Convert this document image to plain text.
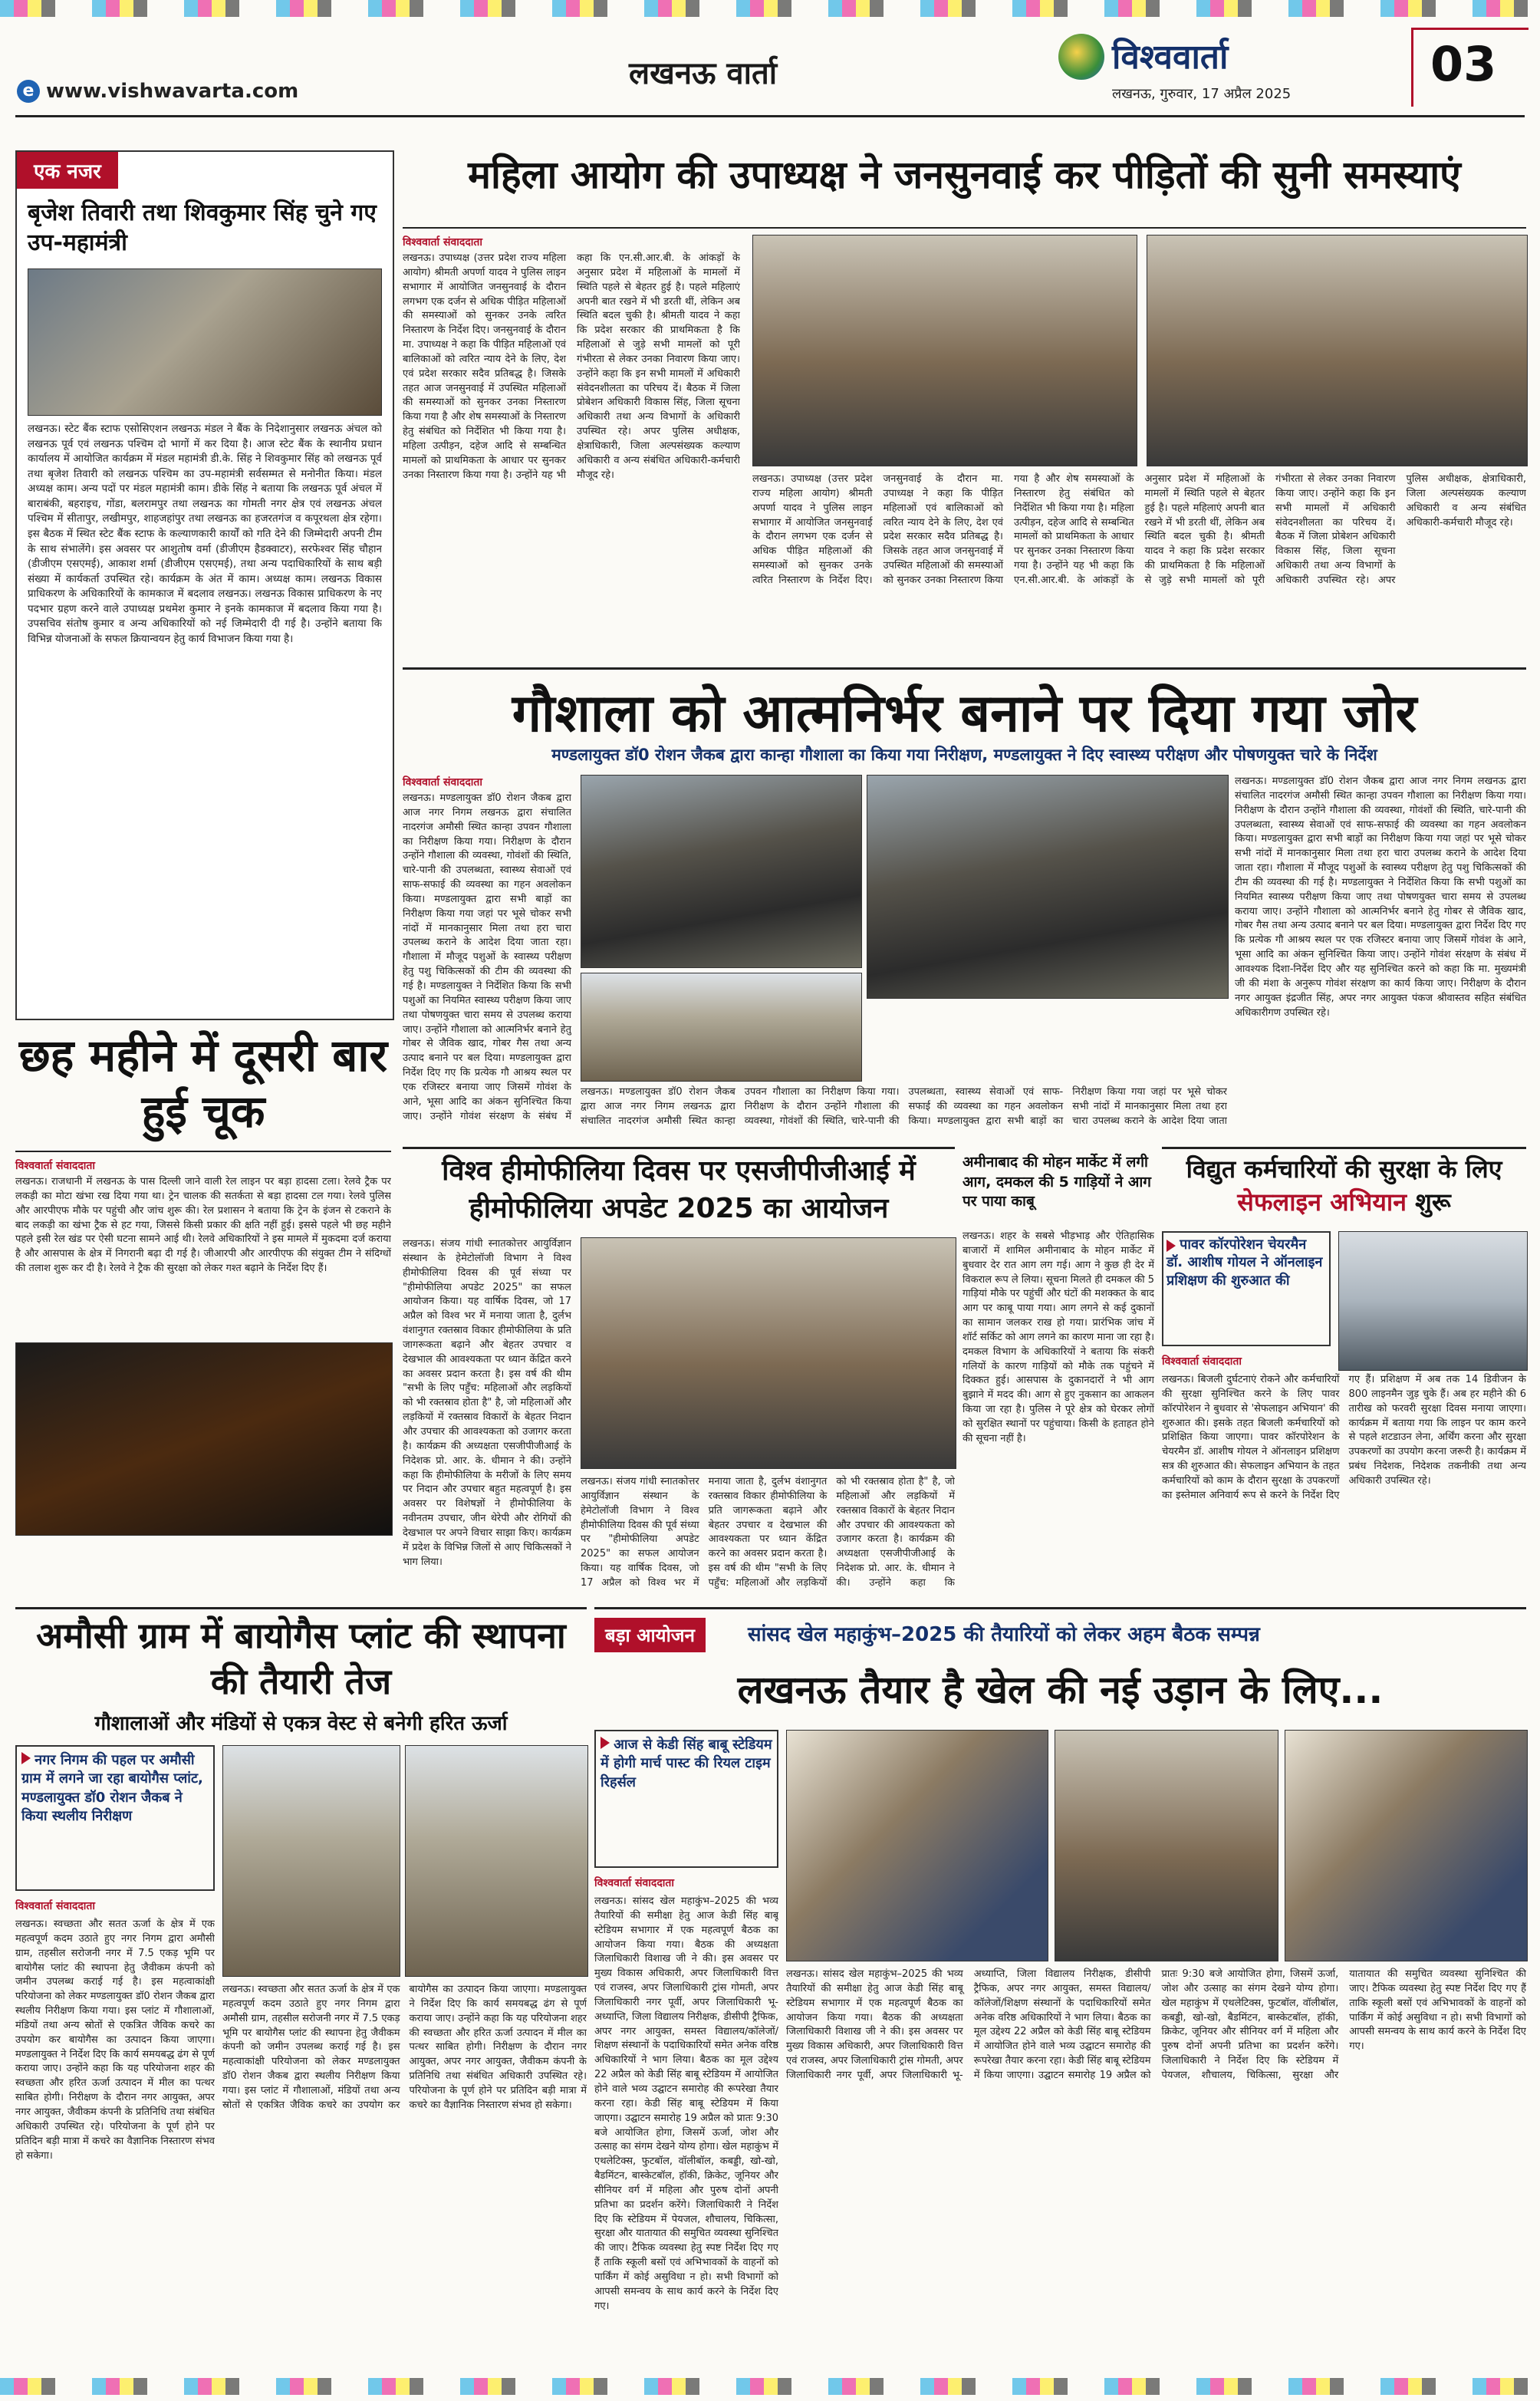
e www.vishwavarta.com	लखनऊ वार्ता	विश्ववार्ता
लखनऊ, गुरुवार, 17 अप्रैल 2025
03
एक नजर
बृजेश तिवारी तथा शिवकुमार सिंह चुने गए उप-महामंत्री
लखनऊ। स्टेट बैंक स्टाफ एसोसिएशन लखनऊ मंडल ने बैंक के निदेशानुसार लखनऊ अंचल को लखनऊ पूर्व एवं लखनऊ पश्चिम दो भागों में कर दिया है। आज स्टेट बैंक के स्थानीय प्रधान कार्यालय में आयोजित कार्यक्रम में मंडल महामंत्री डी.के. सिंह ने शिवकुमार सिंह को लखनऊ पूर्व तथा बृजेश तिवारी को लखनऊ पश्चिम का उप-महामंत्री सर्वसम्मत से मनोनीत किया। मंडल अध्यक्ष काम। अन्य पदों पर मंडल महामंत्री काम। डीके सिंह ने बताया कि लखनऊ पूर्व अंचल में बाराबंकी, बहराइच, गोंडा, बलरामपुर तथा लखनऊ का गोमती नगर क्षेत्र एवं लखनऊ अंचल पश्चिम में सीतापुर, लखीमपुर, शाहजहांपुर तथा लखनऊ का हजरतगंज व कपूरथला क्षेत्र रहेगा। इस बैठक में स्थित स्टेट बैंक स्टाफ के कल्याणकारी कार्यों को गति देने की जिम्मेदारी अपनी टीम के साथ संभालेंगे। इस अवसर पर आशुतोष वर्मा (डीजीएम हैडक्वाटर), सरफेश्वर सिंह चौहान (डीजीएम एसएमई), आकाश शर्मा (डीजीएम एसएमई), तथा अन्य पदाधिकारियों के साथ बड़ी संख्या में कार्यकर्ता उपस्थित रहे। कार्यक्रम के अंत में काम। अध्यक्ष काम। लखनऊ विकास प्राधिकरण के अधिकारियों के कामकाज में बदलाव लखनऊ। लखनऊ विकास प्राधिकरण के नए पदभार ग्रहण करने वाले उपाध्यक्ष प्रथमेश कुमार ने इनके कामकाज में बदलाव किया गया है। उपसचिव संतोष कुमार व अन्य अधिकारियों को नई जिम्मेदारी दी गई है। उन्होंने बताया कि विभिन्न योजनाओं के सफल क्रियान्वयन हेतु कार्य विभाजन किया गया है।
छह महीने में दूसरी बार हुई चूक
विश्ववार्ता संवाददाता
लखनऊ। राजधानी में लखनऊ के पास दिल्ली जाने वाली रेल लाइन पर बड़ा हादसा टला। रेलवे ट्रैक पर लकड़ी का मोटा खंभा रख दिया गया था। ट्रेन चालक की सतर्कता से बड़ा हादसा टल गया। रेलवे पुलिस और आरपीएफ मौके पर पहुंची और जांच शुरू की। रेल प्रशासन ने बताया कि ट्रेन के इंजन से टकराने के बाद लकड़ी का खंभा ट्रैक से हट गया, जिससे किसी प्रकार की क्षति नहीं हुई। इससे पहले भी छह महीने पहले इसी रेल खंड पर ऐसी घटना सामने आई थी। रेलवे अधिकारियों ने इस मामले में मुकदमा दर्ज कराया है और आसपास के क्षेत्र में निगरानी बढ़ा दी गई है। जीआरपी और आरपीएफ की संयुक्त टीम ने संदिग्धों की तलाश शुरू कर दी है। रेलवे ने ट्रैक की सुरक्षा को लेकर गश्त बढ़ाने के निर्देश दिए हैं।
महिला आयोग की उपाध्यक्ष ने जनसुनवाई कर पीड़ितों की सुनी समस्याएं
विश्ववार्ता संवाददाता
लखनऊ। उपाध्यक्ष (उत्तर प्रदेश राज्य महिला आयोग) श्रीमती अपर्णा यादव ने पुलिस लाइन सभागार में आयोजित जनसुनवाई के दौरान लगभग एक दर्जन से अधिक पीड़ित महिलाओं की समस्याओं को सुनकर उनके त्वरित निस्तारण के निर्देश दिए। जनसुनवाई के दौरान मा. उपाध्यक्ष ने कहा कि पीड़ित महिलाओं एवं बालिकाओं को त्वरित न्याय देने के लिए, देश एवं प्रदेश सरकार सदैव प्रतिबद्ध है। जिसके तहत आज जनसुनवाई में उपस्थित महिलाओं की समस्याओं को सुनकर उनका निस्तारण किया गया है और शेष समस्याओं के निस्तारण हेतु संबंधित को निर्देशित भी किया गया है। महिला उत्पीड़न, दहेज आदि से सम्बन्धित मामलों को प्राथमिकता के आधार पर सुनकर उनका निस्तारण किया गया है। उन्होंने यह भी कहा कि एन.सी.आर.बी. के आंकड़ों के अनुसार प्रदेश में महिलाओं के मामलों में स्थिति पहले से बेहतर हुई है। पहले महिलाएं अपनी बात रखने में भी डरती थीं, लेकिन अब स्थिति बदल चुकी है। श्रीमती यादव ने कहा कि प्रदेश सरकार की प्राथमिकता है कि महिलाओं से जुड़े सभी मामलों को पूरी गंभीरता से लेकर उनका निवारण किया जाए। उन्होंने कहा कि इन सभी मामलों में अधिकारी संवेदनशीलता का परिचय दें। बैठक में जिला प्रोबेशन अधिकारी विकास सिंह, जिला सूचना अधिकारी तथा अन्य विभागों के अधिकारी उपस्थित रहे। अपर पुलिस अधीक्षक, क्षेत्राधिकारी, जिला अल्पसंख्यक कल्याण अधिकारी व अन्य संबंधित अधिकारी-कर्मचारी मौजूद रहे।	लखनऊ। उपाध्यक्ष (उत्तर प्रदेश राज्य महिला आयोग) श्रीमती अपर्णा यादव ने पुलिस लाइन सभागार में आयोजित जनसुनवाई के दौरान लगभग एक दर्जन से अधिक पीड़ित महिलाओं की समस्याओं को सुनकर उनके त्वरित निस्तारण के निर्देश दिए। जनसुनवाई के दौरान मा. उपाध्यक्ष ने कहा कि पीड़ित महिलाओं एवं बालिकाओं को त्वरित न्याय देने के लिए, देश एवं प्रदेश सरकार सदैव प्रतिबद्ध है। जिसके तहत आज जनसुनवाई में उपस्थित महिलाओं की समस्याओं को सुनकर उनका निस्तारण किया गया है और शेष समस्याओं के निस्तारण हेतु संबंधित को निर्देशित भी किया गया है। महिला उत्पीड़न, दहेज आदि से सम्बन्धित मामलों को प्राथमिकता के आधार पर सुनकर उनका निस्तारण किया गया है। उन्होंने यह भी कहा कि एन.सी.आर.बी. के आंकड़ों के अनुसार प्रदेश में महिलाओं के मामलों में स्थिति पहले से बेहतर हुई है। पहले महिलाएं अपनी बात रखने में भी डरती थीं, लेकिन अब स्थिति बदल चुकी है। श्रीमती यादव ने कहा कि प्रदेश सरकार की प्राथमिकता है कि महिलाओं से जुड़े सभी मामलों को पूरी गंभीरता से लेकर उनका निवारण किया जाए। उन्होंने कहा कि इन सभी मामलों में अधिकारी संवेदनशीलता का परिचय दें। बैठक में जिला प्रोबेशन अधिकारी विकास सिंह, जिला सूचना अधिकारी तथा अन्य विभागों के अधिकारी उपस्थित रहे। अपर पुलिस अधीक्षक, क्षेत्राधिकारी, जिला अल्पसंख्यक कल्याण अधिकारी व अन्य संबंधित अधिकारी-कर्मचारी मौजूद रहे।
गौशाला को आत्मनिर्भर बनाने पर दिया गया जोर
मण्डलायुक्त डॉ0 रोशन जैकब द्वारा कान्हा गौशाला का किया गया निरीक्षण, मण्डलायुक्त ने दिए स्वास्थ्य परीक्षण और पोषणयुक्त चारे के निर्देश
विश्ववार्ता संवाददाता
लखनऊ। मण्डलायुक्त डॉ0 रोशन जैकब द्वारा आज नगर निगम लखनऊ द्वारा संचालित नादरगंज अमौसी स्थित कान्हा उपवन गौशाला का निरीक्षण किया गया। निरीक्षण के दौरान उन्होंने गौशाला की व्यवस्था, गोवंशों की स्थिति, चारे-पानी की उपलब्धता, स्वास्थ्य सेवाओं एवं साफ-सफाई की व्यवस्था का गहन अवलोकन किया। मण्डलायुक्त द्वारा सभी बाड़ों का निरीक्षण किया गया जहां पर भूसे चोकर सभी नांदों में मानकानुसार मिला तथा हरा चारा उपलब्ध कराने के आदेश दिया जाता रहा। गौशाला में मौजूद पशुओं के स्वास्थ्य परीक्षण हेतु पशु चिकित्सकों की टीम की व्यवस्था की गई है। मण्डलायुक्त ने निर्देशित किया कि सभी पशुओं का नियमित स्वास्थ्य परीक्षण किया जाए तथा पोषणयुक्त चारा समय से उपलब्ध कराया जाए। उन्होंने गौशाला को आत्मनिर्भर बनाने हेतु गोबर से जैविक खाद, गोबर गैस तथा अन्य उत्पाद बनाने पर बल दिया। मण्डलायुक्त द्वारा निर्देश दिए गए कि प्रत्येक गौ आश्रय स्थल पर एक रजिस्टर बनाया जाए जिसमें गोवंश के आने, भूसा आदि का अंकन सुनिश्चित किया जाए। उन्होंने गोवंश संरक्षण के संबंध में
लखनऊ। मण्डलायुक्त डॉ0 रोशन जैकब द्वारा आज नगर निगम लखनऊ द्वारा संचालित नादरगंज अमौसी स्थित कान्हा उपवन गौशाला का निरीक्षण किया गया। निरीक्षण के दौरान उन्होंने गौशाला की व्यवस्था, गोवंशों की स्थिति, चारे-पानी की उपलब्धता, स्वास्थ्य सेवाओं एवं साफ-सफाई की व्यवस्था का गहन अवलोकन किया। मण्डलायुक्त द्वारा सभी बाड़ों का निरीक्षण किया गया जहां पर भूसे चोकर सभी नांदों में मानकानुसार मिला तथा हरा चारा उपलब्ध कराने के आदेश दिया जाता
लखनऊ। मण्डलायुक्त डॉ0 रोशन जैकब द्वारा आज नगर निगम लखनऊ द्वारा संचालित नादरगंज अमौसी स्थित कान्हा उपवन गौशाला का निरीक्षण किया गया। निरीक्षण के दौरान उन्होंने गौशाला की व्यवस्था, गोवंशों की स्थिति, चारे-पानी की उपलब्धता, स्वास्थ्य सेवाओं एवं साफ-सफाई की व्यवस्था का गहन अवलोकन किया। मण्डलायुक्त द्वारा सभी बाड़ों का निरीक्षण किया गया जहां पर भूसे चोकर सभी नांदों में मानकानुसार मिला तथा हरा चारा उपलब्ध कराने के आदेश दिया जाता रहा। गौशाला में मौजूद पशुओं के स्वास्थ्य परीक्षण हेतु पशु चिकित्सकों की टीम की व्यवस्था की गई है। मण्डलायुक्त ने निर्देशित किया कि सभी पशुओं का नियमित स्वास्थ्य परीक्षण किया जाए तथा पोषणयुक्त चारा समय से उपलब्ध कराया जाए। उन्होंने गौशाला को आत्मनिर्भर बनाने हेतु गोबर से जैविक खाद, गोबर गैस तथा अन्य उत्पाद बनाने पर बल दिया। मण्डलायुक्त द्वारा निर्देश दिए गए कि प्रत्येक गौ आश्रय स्थल पर एक रजिस्टर बनाया जाए जिसमें गोवंश के आने, भूसा आदि का अंकन सुनिश्चित किया जाए। उन्होंने गोवंश संरक्षण के संबंध में आवश्यक दिशा-निर्देश दिए और यह सुनिश्चित करने को कहा कि मा. मुख्यमंत्री जी की मंशा के अनुरूप गोवंश संरक्षण का कार्य किया जाए। निरीक्षण के दौरान नगर आयुक्त इंद्रजीत सिंह, अपर नगर आयुक्त पंकज श्रीवास्तव सहित संबंधित अधिकारीगण उपस्थित रहे।
विश्व हीमोफीलिया दिवस पर एसजीपीजीआई में हीमोफीलिया अपडेट 2025 का आयोजन
लखनऊ। संजय गांधी स्नातकोत्तर आयुर्विज्ञान संस्थान के हेमेटोलॉजी विभाग ने विश्व हीमोफीलिया दिवस की पूर्व संध्या पर "हीमोफीलिया अपडेट 2025" का सफल आयोजन किया। यह वार्षिक दिवस, जो 17 अप्रैल को विश्व भर में मनाया जाता है, दुर्लभ वंशानुगत रक्तस्राव विकार हीमोफीलिया के प्रति जागरूकता बढ़ाने और बेहतर उपचार व देखभाल की आवश्यकता पर ध्यान केंद्रित करने का अवसर प्रदान करता है। इस वर्ष की थीम "सभी के लिए पहुँच: महिलाओं और लड़कियों को भी रक्तस्राव होता है" है, जो महिलाओं और लड़कियों में रक्तस्राव विकारों के बेहतर निदान और उपचार की आवश्यकता को उजागर करता है। कार्यक्रम की अध्यक्षता एसजीपीजीआई के निदेशक प्रो. आर. के. धीमान ने की। उन्होंने कहा कि हीमोफीलिया के मरीजों के लिए समय पर निदान और उपचार बहुत महत्वपूर्ण है। इस अवसर पर विशेषज्ञों ने हीमोफीलिया के नवीनतम उपचार, जीन थेरेपी और रोगियों की देखभाल पर अपने विचार साझा किए। कार्यक्रम में प्रदेश के विभिन्न जिलों से आए चिकित्सकों ने भाग लिया।
लखनऊ। संजय गांधी स्नातकोत्तर आयुर्विज्ञान संस्थान के हेमेटोलॉजी विभाग ने विश्व हीमोफीलिया दिवस की पूर्व संध्या पर "हीमोफीलिया अपडेट 2025" का सफल आयोजन किया। यह वार्षिक दिवस, जो 17 अप्रैल को विश्व भर में मनाया जाता है, दुर्लभ वंशानुगत रक्तस्राव विकार हीमोफीलिया के प्रति जागरूकता बढ़ाने और बेहतर उपचार व देखभाल की आवश्यकता पर ध्यान केंद्रित करने का अवसर प्रदान करता है। इस वर्ष की थीम "सभी के लिए पहुँच: महिलाओं और लड़कियों को भी रक्तस्राव होता है" है, जो महिलाओं और लड़कियों में रक्तस्राव विकारों के बेहतर निदान और उपचार की आवश्यकता को उजागर करता है। कार्यक्रम की अध्यक्षता एसजीपीजीआई के निदेशक प्रो. आर. के. धीमान ने की। उन्होंने कहा कि
अमीनाबाद की मोहन मार्केट में लगी आग, दमकल की 5 गाड़ियों ने आग पर पाया काबू
लखनऊ। शहर के सबसे भीड़भाड़ और ऐतिहासिक बाजारों में शामिल अमीनाबाद के मोहन मार्केट में बुधवार देर रात आग लग गई। आग ने कुछ ही देर में विकराल रूप ले लिया। सूचना मिलते ही दमकल की 5 गाड़ियां मौके पर पहुंचीं और घंटों की मशक्कत के बाद आग पर काबू पाया गया। आग लगने से कई दुकानों का सामान जलकर राख हो गया। प्रारंभिक जांच में शॉर्ट सर्किट को आग लगने का कारण माना जा रहा है। दमकल विभाग के अधिकारियों ने बताया कि संकरी गलियों के कारण गाड़ियों को मौके तक पहुंचने में दिक्कत हुई। आसपास के दुकानदारों ने भी आग बुझाने में मदद की। आग से हुए नुकसान का आकलन किया जा रहा है। पुलिस ने पूरे क्षेत्र को घेरकर लोगों को सुरक्षित स्थानों पर पहुंचाया। किसी के हताहत होने की सूचना नहीं है।
विद्युत कर्मचारियों की सुरक्षा के लिए सेफलाइन अभियान शुरू
पावर कॉरपोरेशन चेयरमैन डॉ. आशीष गोयल ने ऑनलाइन प्रशिक्षण की शुरुआत की
विश्ववार्ता संवाददाता
लखनऊ। बिजली दुर्घटनाएं रोकने और कर्मचारियों की सुरक्षा सुनिश्चित करने के लिए पावर कॉरपोरेशन ने बुधवार से 'सेफलाइन अभियान' की शुरुआत की। इसके तहत बिजली कर्मचारियों को प्रशिक्षित किया जाएगा। पावर कॉरपोरेशन के चेयरमैन डॉ. आशीष गोयल ने ऑनलाइन प्रशिक्षण सत्र की शुरुआत की। सेफलाइन अभियान के तहत कर्मचारियों को काम के दौरान सुरक्षा के उपकरणों का इस्तेमाल अनिवार्य रूप से करने के निर्देश दिए गए हैं। प्रशिक्षण में अब तक 14 डिवीजन के 800 लाइनमैन जुड़ चुके हैं। अब हर महीने की 6 तारीख को फरवरी सुरक्षा दिवस मनाया जाएगा। कार्यक्रम में बताया गया कि लाइन पर काम करने से पहले शटडाउन लेना, अर्थिंग करना और सुरक्षा उपकरणों का उपयोग करना जरूरी है। कार्यक्रम में प्रबंध निदेशक, निदेशक तकनीकी तथा अन्य अधिकारी उपस्थित रहे।
अमौसी ग्राम में बायोगैस प्लांट की स्थापना की तैयारी तेज
गौशालाओं और मंडियों से एकत्र वेस्ट से बनेगी हरित ऊर्जा
नगर निगम की पहल पर अमौसी ग्राम में लगने जा रहा बायोगैस प्लांट, मण्डलायुक्त डॉ0 रोशन जैकब ने किया स्थलीय निरीक्षण
विश्ववार्ता संवाददाता
लखनऊ। स्वच्छता और सतत ऊर्जा के क्षेत्र में एक महत्वपूर्ण कदम उठाते हुए नगर निगम द्वारा अमौसी ग्राम, तहसील सरोजनी नगर में 7.5 एकड़ भूमि पर बायोगैस प्लांट की स्थापना हेतु जैवीकम कंपनी को जमीन उपलब्ध कराई गई है। इस महत्वाकांक्षी परियोजना को लेकर मण्डलायुक्त डॉ0 रोशन जैकब द्वारा स्थलीय निरीक्षण किया गया। इस प्लांट में गौशालाओं, मंडियों तथा अन्य स्रोतों से एकत्रित जैविक कचरे का उपयोग कर बायोगैस का उत्पादन किया जाएगा। मण्डलायुक्त ने निर्देश दिए कि कार्य समयबद्ध ढंग से पूर्ण कराया जाए। उन्होंने कहा कि यह परियोजना शहर की स्वच्छता और हरित ऊर्जा उत्पादन में मील का पत्थर साबित होगी। निरीक्षण के दौरान नगर आयुक्त, अपर नगर आयुक्त, जैवीकम कंपनी के प्रतिनिधि तथा संबंधित अधिकारी उपस्थित रहे। परियोजना के पूर्ण होने पर प्रतिदिन बड़ी मात्रा में कचरे का वैज्ञानिक निस्तारण संभव हो सकेगा।
लखनऊ। स्वच्छता और सतत ऊर्जा के क्षेत्र में एक महत्वपूर्ण कदम उठाते हुए नगर निगम द्वारा अमौसी ग्राम, तहसील सरोजनी नगर में 7.5 एकड़ भूमि पर बायोगैस प्लांट की स्थापना हेतु जैवीकम कंपनी को जमीन उपलब्ध कराई गई है। इस महत्वाकांक्षी परियोजना को लेकर मण्डलायुक्त डॉ0 रोशन जैकब द्वारा स्थलीय निरीक्षण किया गया। इस प्लांट में गौशालाओं, मंडियों तथा अन्य स्रोतों से एकत्रित जैविक कचरे का उपयोग कर बायोगैस का उत्पादन किया जाएगा। मण्डलायुक्त ने निर्देश दिए कि कार्य समयबद्ध ढंग से पूर्ण कराया जाए। उन्होंने कहा कि यह परियोजना शहर की स्वच्छता और हरित ऊर्जा उत्पादन में मील का पत्थर साबित होगी। निरीक्षण के दौरान नगर आयुक्त, अपर नगर आयुक्त, जैवीकम कंपनी के प्रतिनिधि तथा संबंधित अधिकारी उपस्थित रहे। परियोजना के पूर्ण होने पर प्रतिदिन बड़ी मात्रा में कचरे का वैज्ञानिक निस्तारण संभव हो सकेगा।
बड़ा आयोजन	सांसद खेल महाकुंभ–2025 की तैयारियों को लेकर अहम बैठक सम्पन्न
लखनऊ तैयार है खेल की नई उड़ान के लिए...
आज से केडी सिंह बाबू स्टेडियम में होगी मार्च पास्ट की रियल टाइम रिहर्सल
विश्ववार्ता संवाददाता
लखनऊ। सांसद खेल महाकुंभ–2025 की भव्य तैयारियों की समीक्षा हेतु आज केडी सिंह बाबू स्टेडियम सभागार में एक महत्वपूर्ण बैठक का आयोजन किया गया। बैठक की अध्यक्षता जिलाधिकारी विशाख जी ने की। इस अवसर पर मुख्य विकास अधिकारी, अपर जिलाधिकारी वित्त एवं राजस्व, अपर जिलाधिकारी ट्रांस गोमती, अपर जिलाधिकारी नगर पूर्वी, अपर जिलाधिकारी भू-अध्याप्ति, जिला विद्यालय निरीक्षक, डीसीपी ट्रैफिक, अपर नगर आयुक्त, समस्त विद्यालय/कॉलेजों/शिक्षण संस्थानों के पदाधिकारियों समेत अनेक वरिष्ठ अधिकारियों ने भाग लिया। बैठक का मूल उद्देश्य 22 अप्रैल को केडी सिंह बाबू स्टेडियम में आयोजित होने वाले भव्य उद्घाटन समारोह की रूपरेखा तैयार करना रहा। केडी सिंह बाबू स्टेडियम में किया जाएगा। उद्घाटन समारोह 19 अप्रैल को प्रातः 9:30 बजे आयोजित होगा, जिसमें ऊर्जा, जोश और उत्साह का संगम देखने योग्य होगा। खेल महाकुंभ में एथलेटिक्स, फुटबॉल, वॉलीबॉल, कबड्डी, खो-खो, बैडमिंटन, बास्केटबॉल, हॉकी, क्रिकेट, जूनियर और सीनियर वर्ग में महिला और पुरुष दोनों अपनी प्रतिभा का प्रदर्शन करेंगे। जिलाधिकारी ने निर्देश दिए कि स्टेडियम में पेयजल, शौचालय, चिकित्सा, सुरक्षा और यातायात की समुचित व्यवस्था सुनिश्चित की जाए। टैफिक व्यवस्था हेतु स्पष्ट निर्देश दिए गए हैं ताकि स्कूली बसों एवं अभिभावकों के वाहनों को पार्किंग में कोई असुविधा न हो। सभी विभागों को आपसी समन्वय के साथ कार्य करने के निर्देश दिए गए।
लखनऊ। सांसद खेल महाकुंभ–2025 की भव्य तैयारियों की समीक्षा हेतु आज केडी सिंह बाबू स्टेडियम सभागार में एक महत्वपूर्ण बैठक का आयोजन किया गया। बैठक की अध्यक्षता जिलाधिकारी विशाख जी ने की। इस अवसर पर मुख्य विकास अधिकारी, अपर जिलाधिकारी वित्त एवं राजस्व, अपर जिलाधिकारी ट्रांस गोमती, अपर जिलाधिकारी नगर पूर्वी, अपर जिलाधिकारी भू-अध्याप्ति, जिला विद्यालय निरीक्षक, डीसीपी ट्रैफिक, अपर नगर आयुक्त, समस्त विद्यालय/कॉलेजों/शिक्षण संस्थानों के पदाधिकारियों समेत अनेक वरिष्ठ अधिकारियों ने भाग लिया। बैठक का मूल उद्देश्य 22 अप्रैल को केडी सिंह बाबू स्टेडियम में आयोजित होने वाले भव्य उद्घाटन समारोह की रूपरेखा तैयार करना रहा। केडी सिंह बाबू स्टेडियम में किया जाएगा। उद्घाटन समारोह 19 अप्रैल को प्रातः 9:30 बजे आयोजित होगा, जिसमें ऊर्जा, जोश और उत्साह का संगम देखने योग्य होगा। खेल महाकुंभ में एथलेटिक्स, फुटबॉल, वॉलीबॉल, कबड्डी, खो-खो, बैडमिंटन, बास्केटबॉल, हॉकी, क्रिकेट, जूनियर और सीनियर वर्ग में महिला और पुरुष दोनों अपनी प्रतिभा का प्रदर्शन करेंगे। जिलाधिकारी ने निर्देश दिए कि स्टेडियम में पेयजल, शौचालय, चिकित्सा, सुरक्षा और यातायात की समुचित व्यवस्था सुनिश्चित की जाए। टैफिक व्यवस्था हेतु स्पष्ट निर्देश दिए गए हैं ताकि स्कूली बसों एवं अभिभावकों के वाहनों को पार्किंग में कोई असुविधा न हो। सभी विभागों को आपसी समन्वय के साथ कार्य करने के निर्देश दिए गए।
